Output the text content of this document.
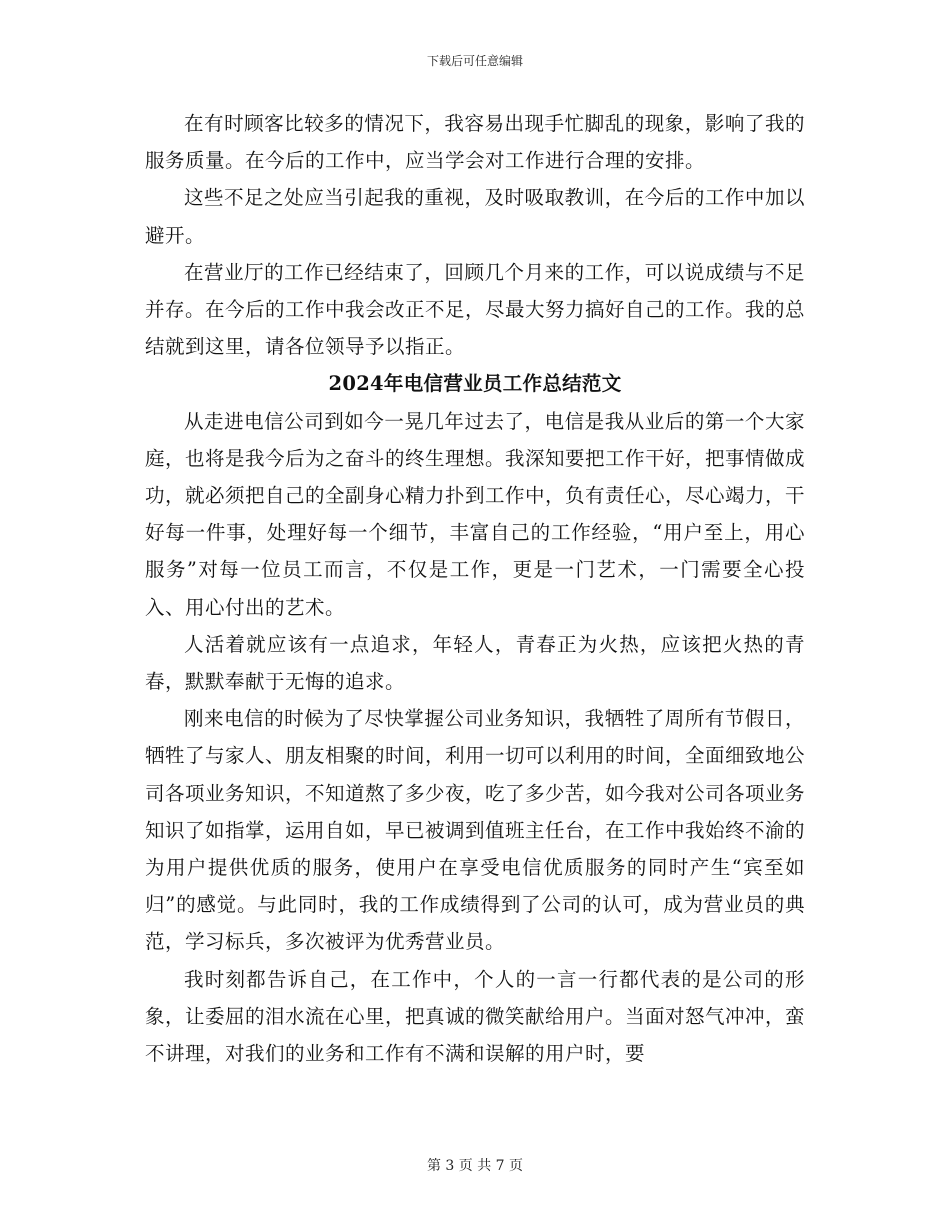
下载后可任意编辑

在有时顾客比较多的情况下，我容易出现手忙脚乱的现象，影响了我的服务质量。在今后的工作中，应当学会对工作进行合理的安排。

这些不足之处应当引起我的重视，及时吸取教训，在今后的工作中加以避开。

在营业厅的工作已经结束了，回顾几个月来的工作，可以说成绩与不足并存。在今后的工作中我会改正不足，尽最大努力搞好自己的工作。我的总结就到这里，请各位领导予以指正。

2024年电信营业员工作总结范文

从走进电信公司到如今一晃几年过去了，电信是我从业后的第一个大家庭，也将是我今后为之奋斗的终生理想。我深知要把工作干好，把事情做成功，就必须把自己的全副身心精力扑到工作中，负有责任心，尽心竭力，干好每一件事，处理好每一个细节，丰富自己的工作经验，“用户至上，用心服务”对每一位员工而言，不仅是工作，更是一门艺术，一门需要全心投入、用心付出的艺术。

人活着就应该有一点追求，年轻人，青春正为火热，应该把火热的青春，默默奉献于无悔的追求。

刚来电信的时候为了尽快掌握公司业务知识，我牺牲了周所有节假日，牺牲了与家人、朋友相聚的时间，利用一切可以利用的时间，全面细致地公司各项业务知识，不知道熬了多少夜，吃了多少苦，如今我对公司各项业务知识了如指掌，运用自如，早已被调到值班主任台，在工作中我始终不渝的为用户提供优质的服务，使用户在享受电信优质服务的同时产生“宾至如归”的感觉。与此同时，我的工作成绩得到了公司的认可，成为营业员的典范，学习标兵，多次被评为优秀营业员。

我时刻都告诉自己，在工作中，个人的一言一行都代表的是公司的形象，让委屈的泪水流在心里，把真诚的微笑献给用户。当面对怒气冲冲，蛮不讲理，对我们的业务和工作有不满和误解的用户时，要

第 3 页 共 7 页
